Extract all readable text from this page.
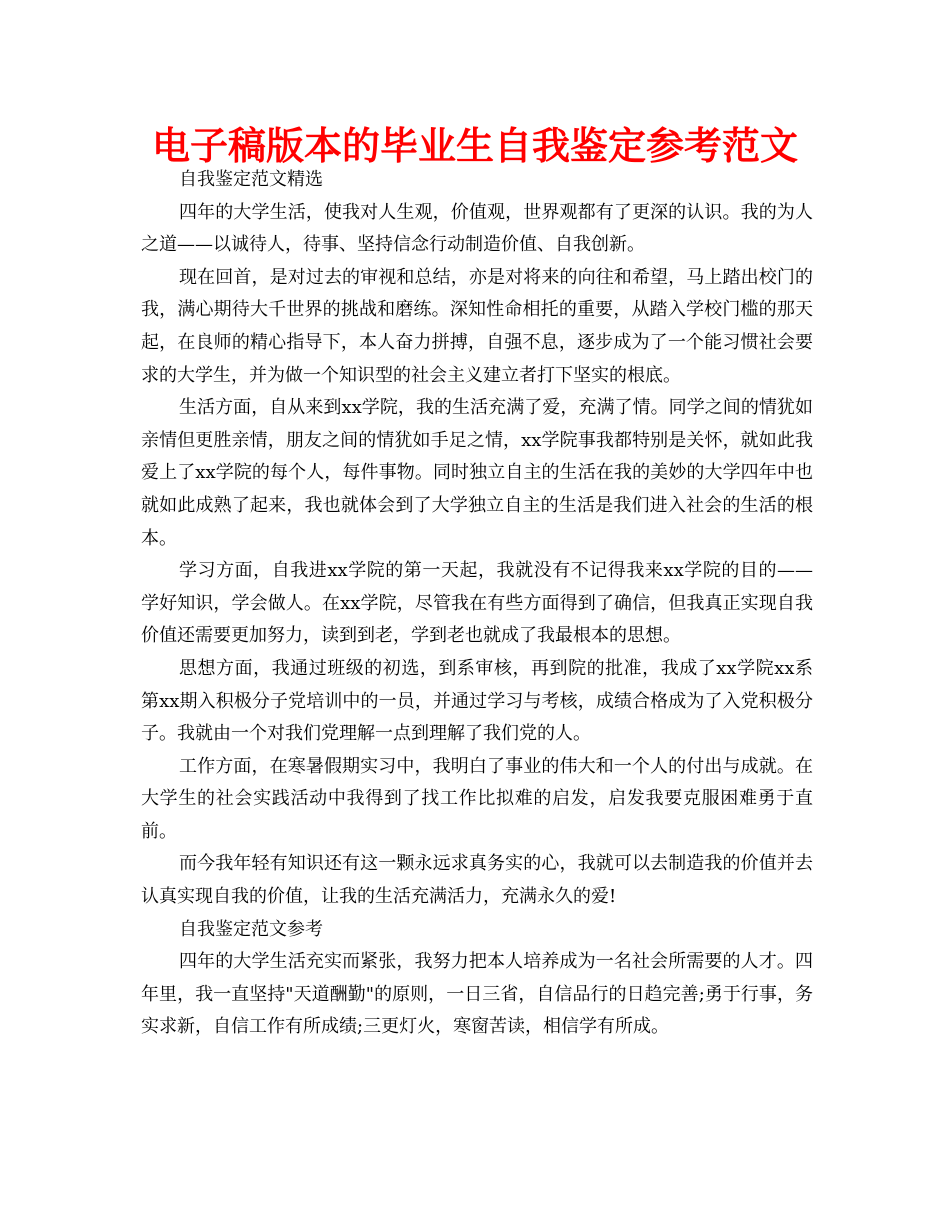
电子稿版本的毕业生自我鉴定参考范文

自我鉴定范文精选

四年的大学生活，使我对人生观，价值观，世界观都有了更深的认识。我的为人之道——以诚待人，待事、坚持信念行动制造价值、自我创新。

现在回首，是对过去的审视和总结，亦是对将来的向往和希望，马上踏出校门的我，满心期待大千世界的挑战和磨练。深知性命相托的重要，从踏入学校门槛的那天起，在良师的精心指导下，本人奋力拼搏，自强不息，逐步成为了一个能习惯社会要求的大学生，并为做一个知识型的社会主义建立者打下坚实的根底。

生活方面，自从来到xx学院，我的生活充满了爱，充满了情。同学之间的情犹如亲情但更胜亲情，朋友之间的情犹如手足之情，xx学院事我都特别是关怀，就如此我爱上了xx学院的每个人，每件事物。同时独立自主的生活在我的美妙的大学四年中也就如此成熟了起来，我也就体会到了大学独立自主的生活是我们进入社会的生活的根本。

学习方面，自我进xx学院的第一天起，我就没有不记得我来xx学院的目的——学好知识，学会做人。在xx学院，尽管我在有些方面得到了确信，但我真正实现自我价值还需要更加努力，读到到老，学到老也就成了我最根本的思想。

思想方面，我通过班级的初选，到系审核，再到院的批准，我成了xx学院xx系第xx期入积极分子党培训中的一员，并通过学习与考核，成绩合格成为了入党积极分子。我就由一个对我们党理解一点到理解了我们党的人。

工作方面，在寒暑假期实习中，我明白了事业的伟大和一个人的付出与成就。在大学生的社会实践活动中我得到了找工作比拟难的启发，启发我要克服困难勇于直前。

而今我年轻有知识还有这一颗永远求真务实的心，我就可以去制造我的价值并去认真实现自我的价值，让我的生活充满活力，充满永久的爱!

自我鉴定范文参考

四年的大学生活充实而紧张，我努力把本人培养成为一名社会所需要的人才。四年里，我一直坚持"天道酬勤"的原则，一日三省，自信品行的日趋完善;勇于行事，务实求新，自信工作有所成绩;三更灯火，寒窗苦读，相信学有所成。
